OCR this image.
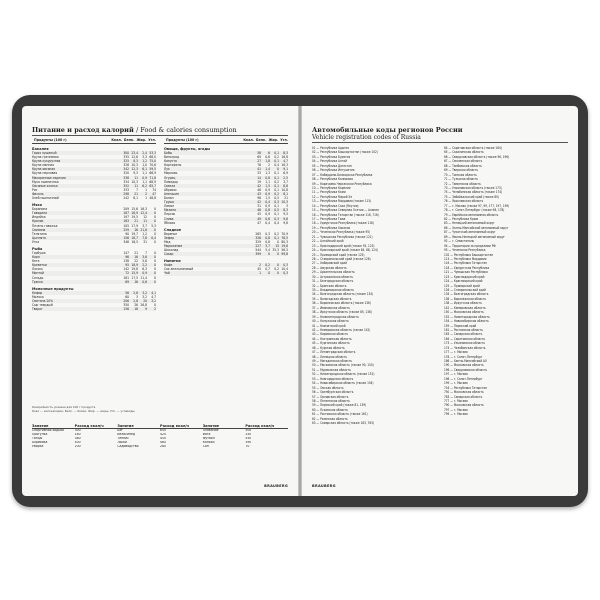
Питание и расход калорий / Food & calories consumption
Продукты (100 г)	Ккал. Белк. Жир. Угл.
Бакалея
Горох лущеный	300 23,4	2,4 53,3
Крупа гречневая	335 12,6	3,3 68,0
Крупа кукурузная	325	8,3	1,2 75,0
Крупа манная	328 10,3	1,0 70,6
Крупа овсяная	342 12,3	6,1 59,5
Крупа перловая	320	9,3	1,1 66,9
Макаронные изделия	338	11	0,9 71,8
Мука пшеничная	334 10,3	1,1 68,9
Овсяные хлопья	352	11	6,2 65,7
Рис	333	7	1	74
Фасоль	298	21	2	47
Хлеб пшеничный	242	8,1	1 48,8
Мясо
Баранина	209 15,6 16,3	0
Говядина	187 18,9 12,4	0
Индейка	197 19,5	12	0
Кролик	183	21	11	0
Печень говяжья	105 17,9	3,7	5,3
Свинина	259	16 21,6	0
Телятина	90 19,7	1,2	0
Цыплята	156 18,7	7,8	0,4
Утка	346 16,5	31	0
Рыба
Горбуша	147	21	7	0
Карп	96	16	3,6	0
Кета	138	22	5,6	0
Креветки	95 18,9	2,2	0
Лосось	142 19,8	6,3	0
Минтай	72 15,9	0,9	0
Сельдь	161 17,5 11,4	0
Треска	69	16	0,6	0
Молочные продукты
Кефир	56	2,8	3,2	4,1
Молоко	60	3	3,2	4,7
Сметана 20%	206	2,8	20	3,2
Сыр твердый	350	26 26,8	0
Творог	156	18	9	2
Продукты (100 г)	Ккал. Белк. Жир. Угл.
Овощи, фрукты, ягоды
Бобы	58	6	0,1	8,3
Виноград	69	0,6	0,2 16,8
Капуста	27	1,8	0,1	4,7
Картофель	76	2	0,4 16,3
Лук	41	1,4	0	9,1
Морковь	33	1,3	0,1	6,9
Огурец	14	0,8	0,1	2,5
Помидор	19	1,1	0,2	3,7
Свекла	42	1,5	0,1	8,8
Абрикос	46	0,9	0,1 10,8
Апельсин	43	0,9	0,2	8,1
Банан	96	1,5	0,5	21
Груша	42	0,4	0,3 10,3
Лимон	31	0,9	0,1	3
Малина	46	0,8	0,5	8,3
Персик	45	0,9	0,1	9,5
Слива	49	0,8	0,3	9,6
Яблоко	47	0,4	0,4	9,8
Сладкое
Варенье	265	0,3	0,2 70,9
Зефир	326	0,8	0,1 78,5
Мед	329	0,8	0 80,3
Мороженое	227	3,7	15 19,8
Шоколад	544	5,4 35,3 56,5
Сахар	399	0	0 99,8
Напитки
Кофе	2	0,2	0	0,3
Сок апельсиновый	45	0,7	0,2 10,4
Чай	1	0	0	0,3
Калорийность указана для 100 г продукта
Ккал — килокалории, Белк. — белки, Жир. — жиры, Угл. — углеводы
Занятие	Расход ккал/ч	Занятие	Расход ккал/ч	Занятие	Расход ккал/ч
Спортивная ходьба	300	Бег	650	Плавание	500
Прогулка	180	Велосипед	420	Йога	250
Танцы	380	Теннис	450	Футбол	550
Аэробика	400	Лыжи	460	Коньки	390
Уборка	200	Садоводство	280	Сон	70
BRAUBERG
Автомобильные коды регионов России
Vehicle registration codes of Russia
01 — Республика Адыгея
02 — Республика Башкортостан (также 102)
03 — Республика Бурятия
04 — Республика Алтай
05 — Республика Дагестан
06 — Республика Ингушетия
07 — Кабардино-Балкарская Республика
08 — Республика Калмыкия
09 — Карачаево-Черкесская Республика
10 — Республика Карелия
11 — Республика Коми
12 — Республика Марий Эл
13 — Республика Мордовия (также 113)
14 — Республика Саха (Якутия)
15 — Республика Северная Осетия — Алания
16 — Республика Татарстан (также 116, 716)
17 — Республика Тыва
18 — Удмуртская Республика (также 118)
19 — Республика Хакасия
20 — Чеченская Республика (также 95)
21 — Чувашская Республика (также 121)
22 — Алтайский край
23 — Краснодарский край (также 93, 123)
24 — Красноярский край (также 84, 88, 124)
25 — Приморский край (также 125)
26 — Ставропольский край (также 126)
27 — Хабаровский край
28 — Амурская область
29 — Архангельская область
30 — Астраханская область
31 — Белгородская область
32 — Брянская область
33 — Владимирская область
34 — Волгоградская область (также 134)
35 — Вологодская область
36 — Воронежская область (также 136)
37 — Ивановская область
38 — Иркутская область (также 85, 138)
39 — Калининградская область
40 — Калужская область
41 — Камчатский край
42 — Кемеровская область (также 142)
43 — Кировская область
44 — Костромская область
45 — Курганская область
46 — Курская область
47 — Ленинградская область
48 — Липецкая область
49 — Магаданская область
50 — Московская область (также 90, 150)
51 — Мурманская область
52 — Нижегородская область (также 152)
53 — Новгородская область
54 — Новосибирская область (также 154)
55 — Омская область
56 — Оренбургская область
57 — Орловская область
58 — Пензенская область
59 — Пермский край (также 81, 159)
60 — Псковская область
61 — Ростовская область (также 161)
62 — Рязанская область
63 — Самарская область (также 163, 763)
64 — Саратовская область (также 164)
65 — Сахалинская область
66 — Свердловская область (также 96, 196)
67 — Смоленская область
68 — Тамбовская область
69 — Тверская область
70 — Томская область
71 — Тульская область
72 — Тюменская область
73 — Ульяновская область (также 173)
74 — Челябинская область (также 174)
75 — Забайкальский край (также 80)
76 — Ярославская область
77 — г. Москва (также 97, 99, 177, 197, 199)
78 — г. Санкт-Петербург (также 98, 178)
79 — Еврейская автономная область
82 — Республика Крым
83 — Ненецкий автономный округ
86 — Ханты-Мансийский автономный округ
87 — Чукотский автономный округ
89 — Ямало-Ненецкий автономный округ
92 — г. Севастополь
94 — Территории за пределами РФ
95 — Чеченская Республика
102 — Республика Башкортостан
113 — Республика Мордовия
116 — Республика Татарстан
118 — Удмуртская Республика
121 — Чувашская Республика
123 — Краснодарский край
124 — Красноярский край
125 — Приморский край
126 — Ставропольский край
134 — Волгоградская область
136 — Воронежская область
138 — Иркутская область
142 — Кемеровская область
150 — Московская область
152 — Нижегородская область
154 — Новосибирская область
159 — Пермский край
161 — Ростовская область
163 — Самарская область
164 — Саратовская область
173 — Ульяновская область
174 — Челябинская область
177 — г. Москва
178 — г. Санкт-Петербург
186 — Ханты-Мансийский АО
190 — Московская область
196 — Свердловская область
197 — г. Москва
198 — г. Санкт-Петербург
199 — г. Москва
716 — Республика Татарстан
750 — Московская область
763 — Самарская область
777 — г. Москва
790 — Московская область
797 — г. Москва
799 — г. Москва
BRAUBERG
